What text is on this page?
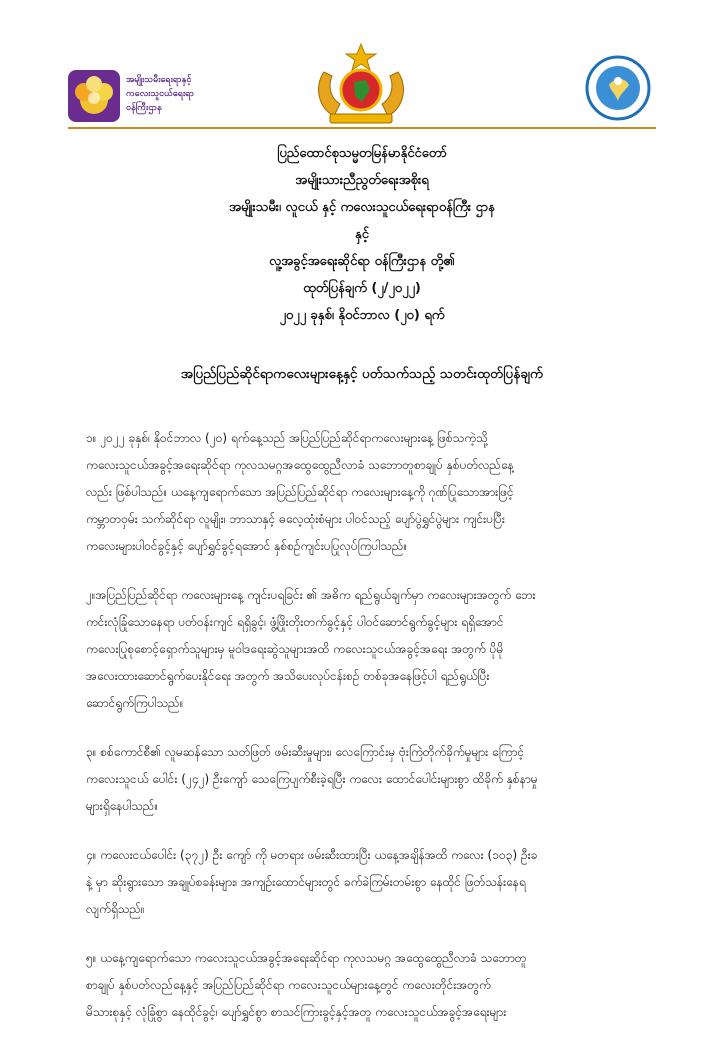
အမျိုးသမီးရေးရာနှင့်
ကလေးသူငယ်ရေးရာ
ဝန်ကြီးဌာန
ပြည်ထောင်စုသမ္မတမြန်မာနိုင်ငံတော်
အမျိုးသားညီညွတ်ရေးအစိုးရ
အမျိုးသမီး၊ လူငယ် နှင့် ကလေးသူငယ်ရေးရာဝန်ကြီး ဌာန
နှင့်
လူ့အခွင့်အရေးဆိုင်ရာ ဝန်ကြီးဌာန တို့၏
ထုတ်ပြန်ချက် (၂/၂၀၂၂)
၂၀၂၂ ခုနှစ်၊ နိုဝင်ဘာလ (၂၀) ရက်
အပြည်ပြည်ဆိုင်ရာကလေးများနေ့နှင့် ပတ်သက်သည့် သတင်းထုတ်ပြန်ချက်
၁။ ၂၀၂၂ ခုနှစ်၊ နိုဝင်ဘာလ (၂၀) ရက်နေ့သည် အပြည်ပြည်ဆိုင်ရာကလေးများနေ့ ဖြစ်သကဲ့သို့
ကလေးသူငယ်အခွင့်အရေးဆိုင်ရာ ကုလသမဂ္ဂအထွေထွေညီလာခံ သဘောတူစာချုပ် နှစ်ပတ်လည်နေ့
လည်း ဖြစ်ပါသည်။ ယနေ့ကျရောက်သော အပြည်ပြည်ဆိုင်ရာ ကလေးများနေ့ကို ဂုဏ်ပြုသောအားဖြင့်
ကမ္ဘာတဝှမ်း သက်ဆိုင်ရာ လူမျိုး၊ ဘာသာနှင့် ဓလေ့ထုံးစံများ ပါဝင်သည့် ပျော်ပွဲရွှင်ပွဲများ ကျင်းပပြီး
ကလေးများပါဝင်ခွင့်နှင့် ပျော်ရွှင်ခွင့်ရအောင် နှစ်စဉ်ကျင်းပပြုလုပ်ကြပါသည်။
၂။အပြည်ပြည်ဆိုင်ရာ ကလေးများနေ့ ကျင်းပရခြင်း ၏ အဓိက ရည်ရွယ်ချက်မှာ ကလေးများအတွက် ဘေး
ကင်းလုံခြုံသောနေရာ ပတ်ဝန်းကျင် ရရှိခွင့်၊ ဖွံ့ဖြိုးတိုးတက်ခွင့်နှင့် ပါဝင်ဆောင်ရွက်ခွင့်များ ရရှိအောင်
ကလေးပြုစုစောင့်ရှောက်သူများမှ မူဝါဒရေးဆွဲသူများအထိ ကလေးသူငယ်အခွင့်အရေး အတွက် ပိုမို
အလေးထားဆောင်ရွက်ပေးနိုင်ရေး အတွက် အသိပေးလုပ်ငန်းစဉ် တစ်ခုအနေဖြင့်ပါ ရည်ရွယ်ပြီး
ဆောင်ရွက်ကြပါသည်။
၃။ စစ်ကောင်စီ၏ လူမဆန်သော သတ်ဖြတ် ဖမ်းဆီးမှုများ၊ လေကြောင်းမှ ဗုံးကြဲတိုက်ခိုက်မှုများ ကြောင့်
ကလေးသူငယ် ပေါင်း (၂၄၂) ဦးကျော် သေကြေပျက်စီးခဲ့ရပြီး ကလေး ထောင်ပေါင်းများစွာ ထိခိုက် နှစ်နာမှု
များရှိနေပါသည်။
၄။ ကလေးငယ်ပေါင်း (၃၇၂) ဦး ကျော် ကို မတရား ဖမ်းဆီးထားပြီး ယနေ့အချိန်အထိ ကလေး (၁၀၃) ဦးခ
နဲ့ မှာ ဆိုးရွားသော အချုပ်စခန်းများ၊ အကျဉ်းထောင်များတွင် ခက်ခဲကြမ်းတမ်းစွာ နေထိုင် ဖြတ်သန်းနေရ
လျက်ရှိသည်။
၅။ ယနေ့ကျရောက်သော ကလေးသူငယ်အခွင့်အရေးဆိုင်ရာ ကုလသမဂ္ဂ အထွေထွေညီလာခံ သဘောတူ
စာချုပ် နှစ်ပတ်လည်နေ့နှင့် အပြည်ပြည်ဆိုင်ရာ ကလေးသူငယ်များနေ့တွင် ကလေးတိုင်းအတွက်
မိသားစုနှင့် လုံခြုံစွာ နေထိုင်ခွင့်၊ ပျော်ရွှင်စွာ စာသင်ကြားခွင့်နှင့်အတူ ကလေးသူငယ်အခွင့်အရေးများ
